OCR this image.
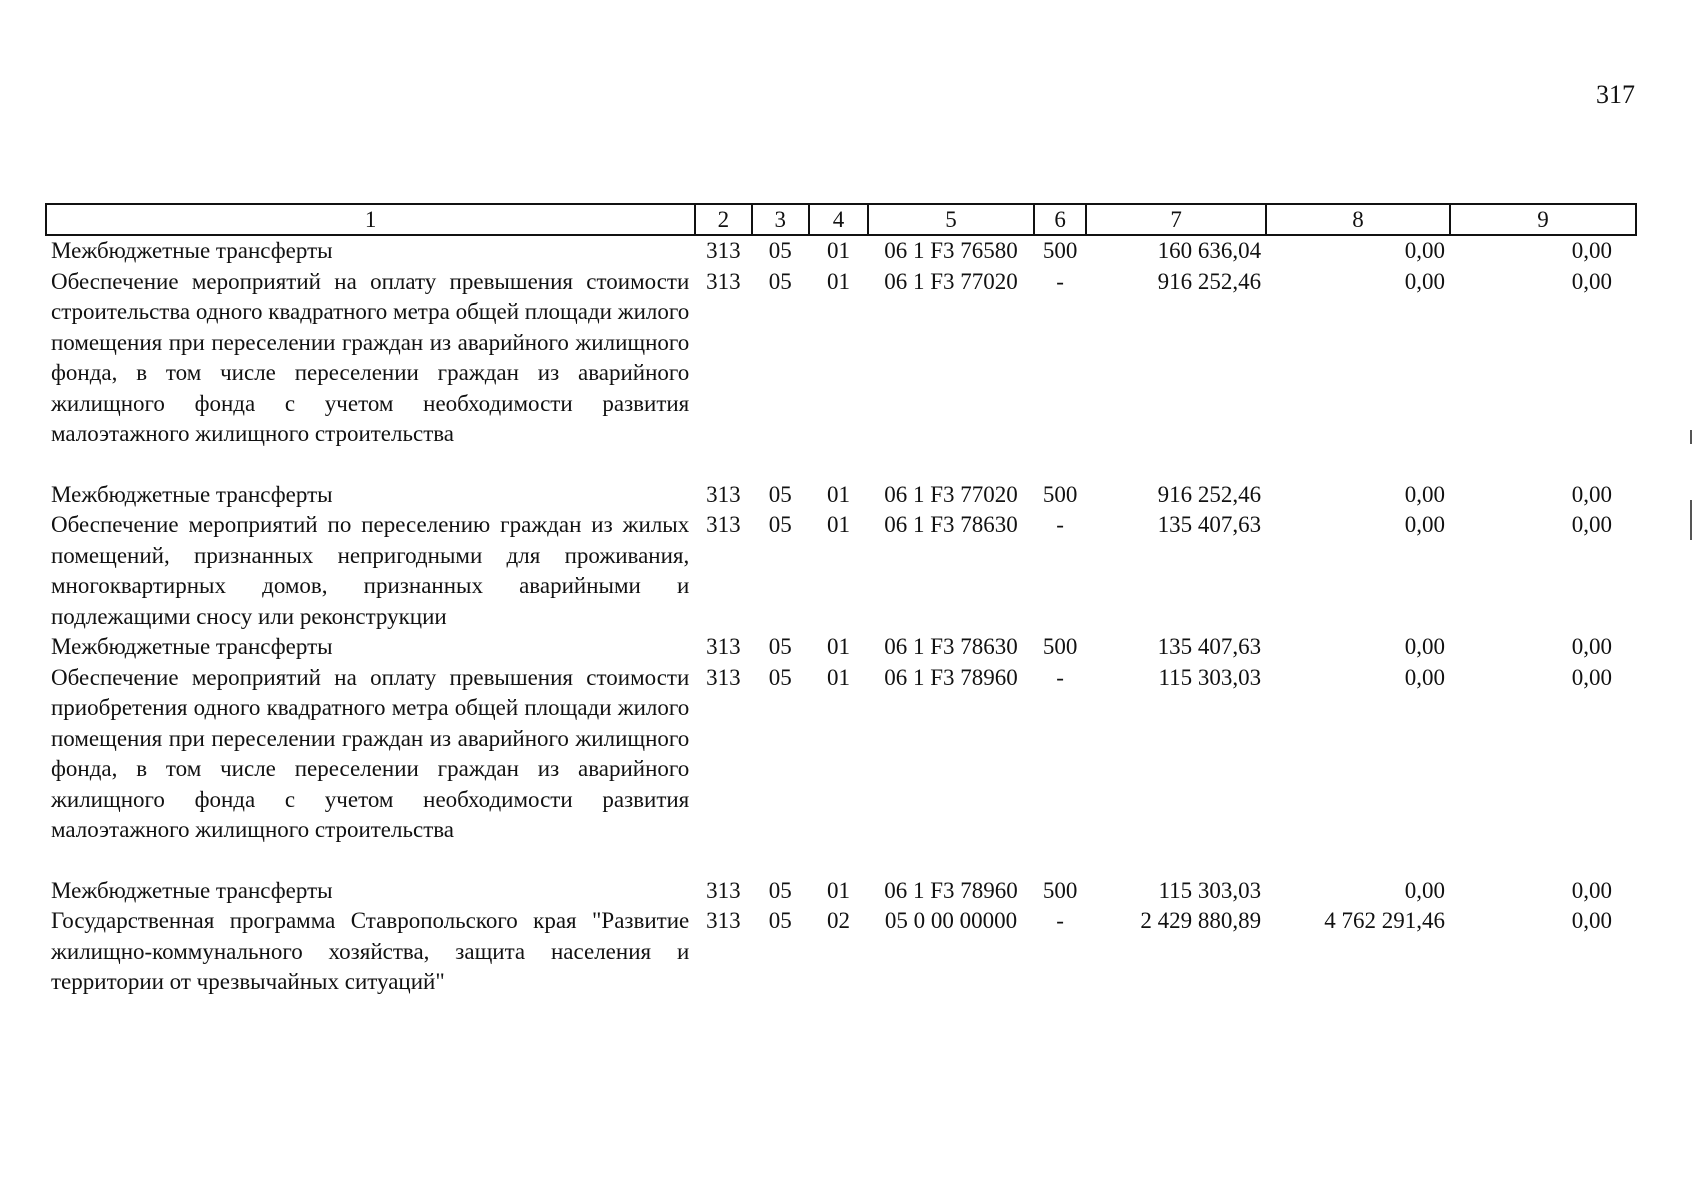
317
1	2	3	4	5	6	7	8	9
Межбюджетные трансферты	313	05	01	06 1 F3 76580	500	160 636,04	0,00	0,00
Обеспечение мероприятий на оплату превышения стоимости строительства одного квадратного метра общей площади жилого помещения при переселении граждан из аварийного жилищного фонда, в том числе переселении граждан из аварийного жилищного фонда с учетом необходимости развития малоэтажного жилищного строительства	313	05	01	06 1 F3 77020	-	916 252,46	0,00	0,00
Межбюджетные трансферты	313	05	01	06 1 F3 77020	500	916 252,46	0,00	0,00
Обеспечение мероприятий по переселению граждан из жилых помещений, признанных непригодными для проживания, многоквартирных домов, признанных аварийными и подлежащими сносу или реконструкции	313	05	01	06 1 F3 78630	-	135 407,63	0,00	0,00
Межбюджетные трансферты	313	05	01	06 1 F3 78630	500	135 407,63	0,00	0,00
Обеспечение мероприятий на оплату превышения стоимости приобретения одного квадратного метра общей площади жилого помещения при переселении граждан из аварийного жилищного фонда, в том числе переселении граждан из аварийного жилищного фонда с учетом необходимости развития малоэтажного жилищного строительства	313	05	01	06 1 F3 78960	-	115 303,03	0,00	0,00
Межбюджетные трансферты	313	05	01	06 1 F3 78960	500	115 303,03	0,00	0,00
Государственная программа Ставропольского края "Развитие жилищно-коммунального хозяйства, защита населения и территории от чрезвычайных ситуаций"	313	05	02	05 0 00 00000	-	2 429 880,89	4 762 291,46	0,00
